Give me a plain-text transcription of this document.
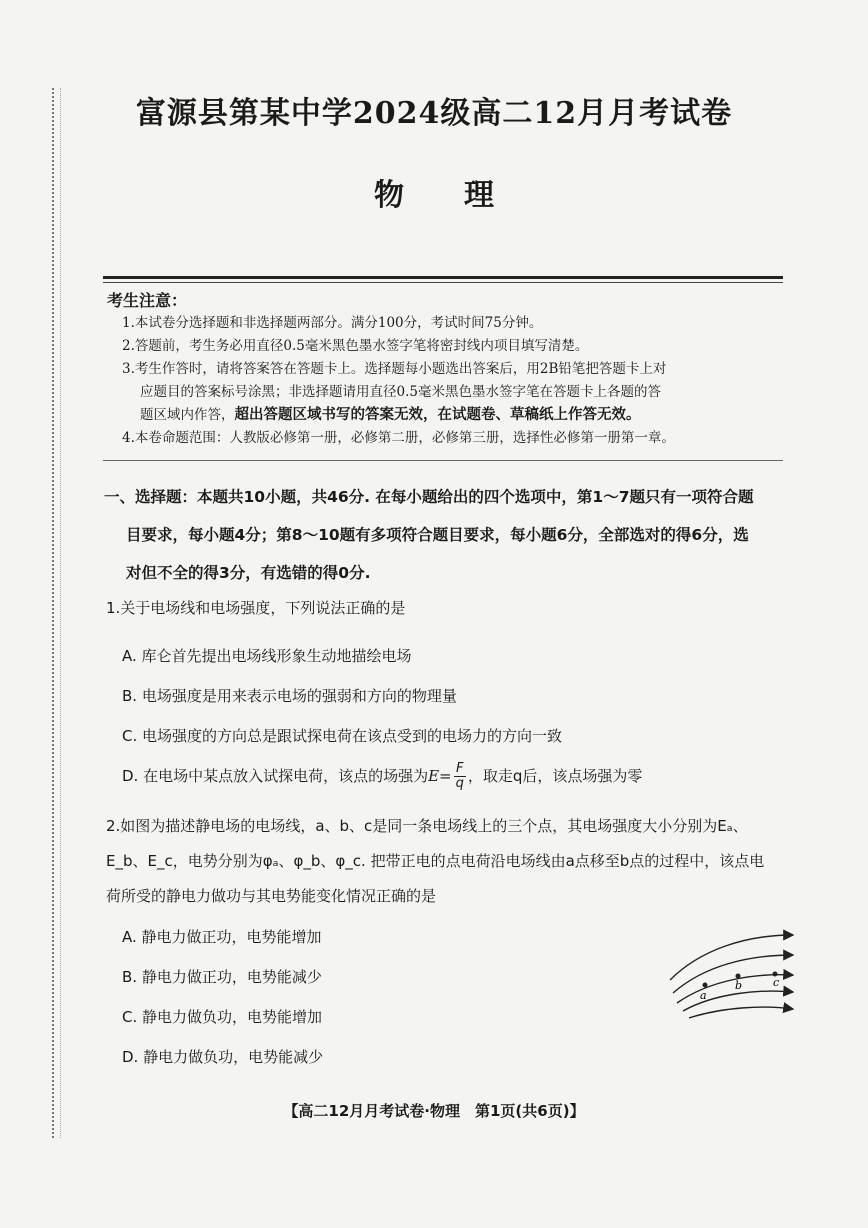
富源县第某中学2024级高二12月月考试卷
物理
考生注意：

1.本试卷分选择题和非选择题两部分。满分100分，考试时间75分钟。

2.答题前，考生务必用直径0.5毫米黑色墨水签字笔将密封线内项目填写清楚。

3.考生作答时，请将答案答在答题卡上。选择题每小题选出答案后，用2B铅笔把答题卡上对

应题目的答案标号涂黑；非选择题请用直径0.5毫米黑色墨水签字笔在答题卡上各题的答

题区域内作答，超出答题区域书写的答案无效，在试题卷、草稿纸上作答无效。

4.本卷命题范围：人教版必修第一册，必修第二册，必修第三册，选择性必修第一册第一章。

一、选择题：本题共10小题，共46分. 在每小题给出的四个选项中，第1～7题只有一项符合题
目要求，每小题4分；第8～10题有多项符合题目要求，每小题6分，全部选对的得6分，选
对但不全的得3分，有选错的得0分.

1.关于电场线和电场强度，下列说法正确的是

A. 库仑首先提出电场线形象生动地描绘电场

B. 电场强度是用来表示电场的强弱和方向的物理量

C. 电场强度的方向总是跟试探电荷在该点受到的电场力的方向一致

D. 在电场中某点放入试探电荷，该点的场强为$E= \frac{F}{q}$ ，取走q后，该点场强为零

2.如图为描述静电场的电场线，a、b、c是同一条电场线上的三个点，其电场强度大小分别为Eₐ、

E_b、E_c，电势分别为φₐ、φ_b、φ_c. 把带正电的点电荷沿电场线由a点移至b点的过程中，该点电

荷所受的静电力做功与其电势能变化情况正确的是

A. 静电力做正功，电势能增加

B. 静电力做正功，电势能减少

C. 静电力做负功，电势能增加

D. 静电力做负功，电势能减少

a
b	c
【高二12月月考试卷·物理　第1页(共6页)】
